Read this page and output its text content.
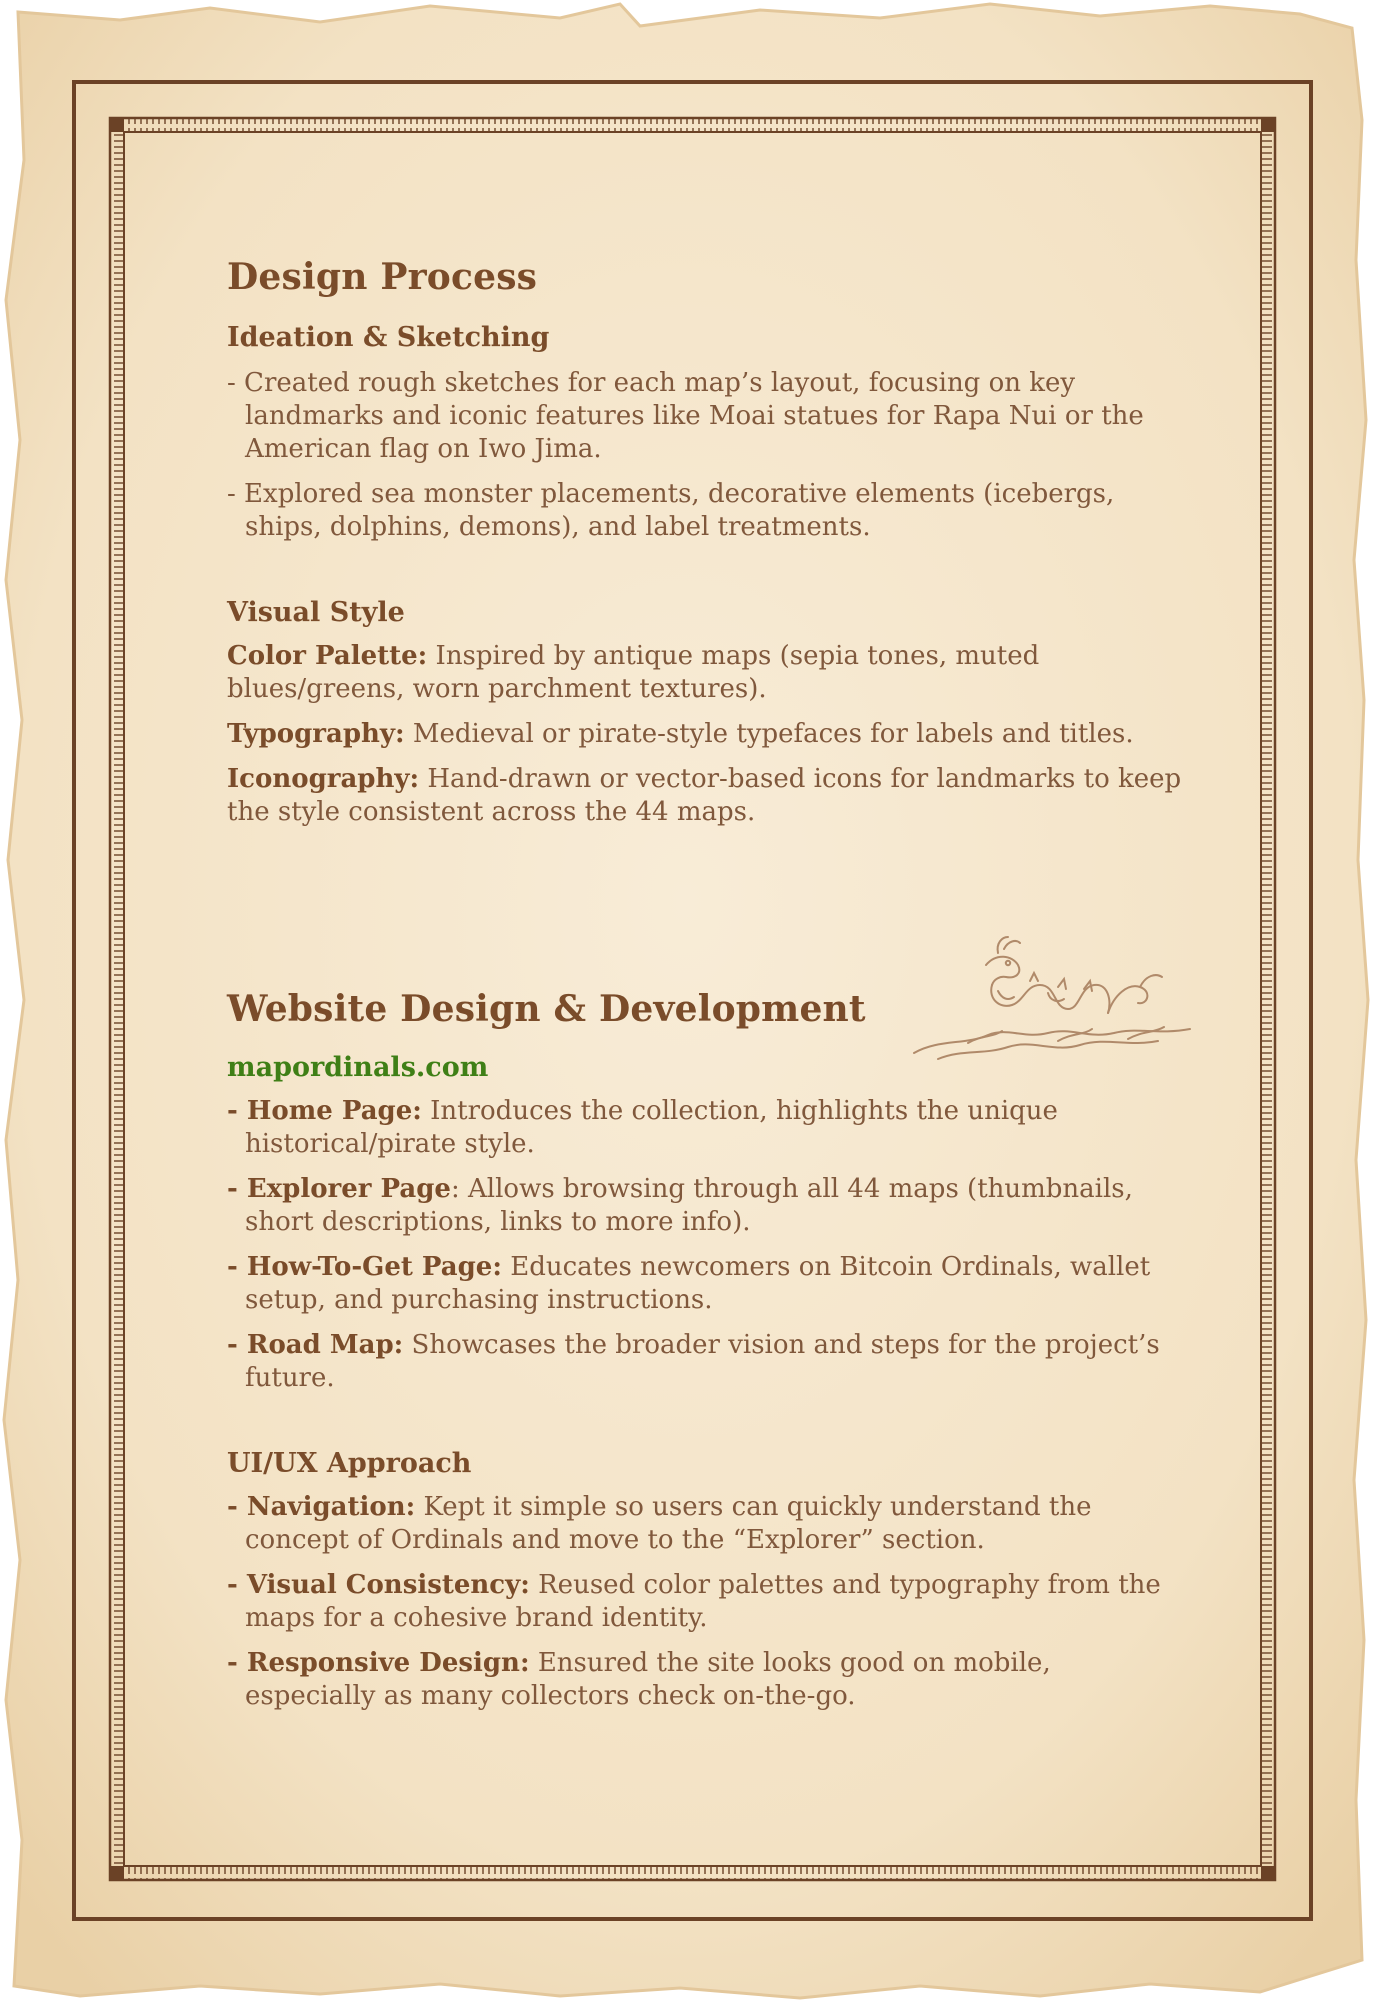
Design Process
Ideation & Sketching
- Created rough sketches for each map’s layout, focusing on key landmarks and iconic features like Moai statues for Rapa Nui or the American flag on Iwo Jima.
- Explored sea monster placements, decorative elements (icebergs, ships, dolphins, demons), and label treatments.
Visual Style
Color Palette: Inspired by antique maps (sepia tones, muted blues/greens, worn parchment textures).
Typography: Medieval or pirate-style typefaces for labels and titles.
Iconography: Hand-drawn or vector-based icons for landmarks to keep the style consistent across the 44 maps.
Website Design & Development
mapordinals.com
- Home Page: Introduces the collection, highlights the unique historical/pirate style.
- Explorer Page: Allows browsing through all 44 maps (thumbnails, short descriptions, links to more info).
- How-To-Get Page: Educates newcomers on Bitcoin Ordinals, wallet setup, and purchasing instructions.
- Road Map: Showcases the broader vision and steps for the project’s future.
UI/UX Approach
- Navigation: Kept it simple so users can quickly understand the concept of Ordinals and move to the “Explorer” section.
- Visual Consistency: Reused color palettes and typography from the maps for a cohesive brand identity.
- Responsive Design: Ensured the site looks good on mobile, especially as many collectors check on-the-go.
